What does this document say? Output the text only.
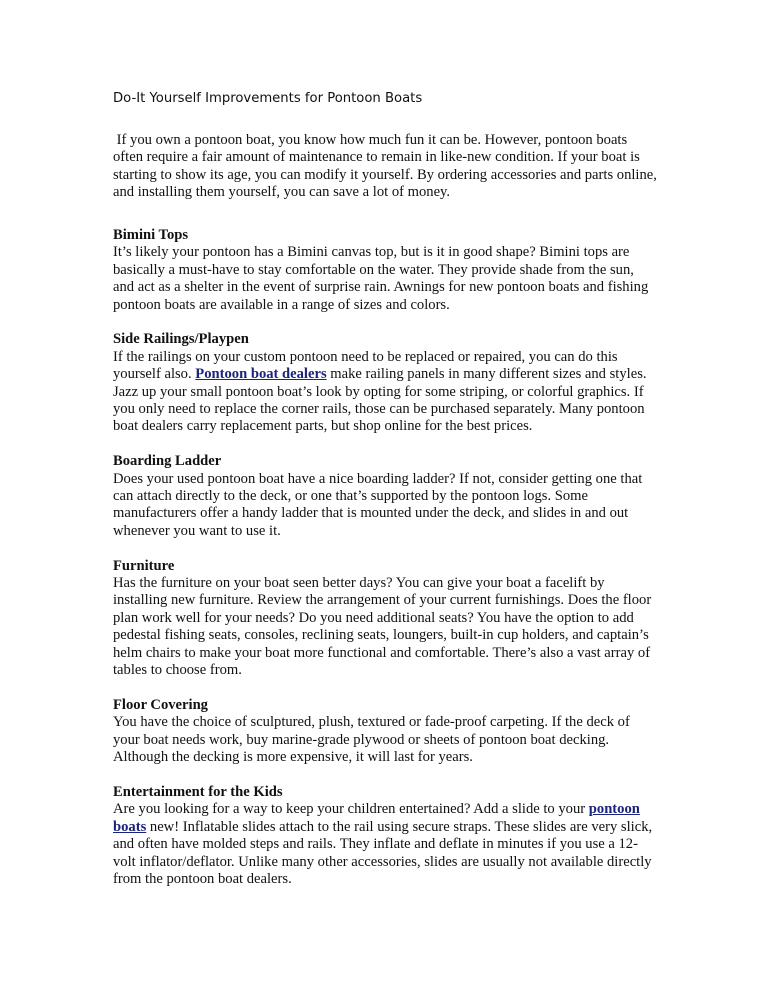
Do-It Yourself Improvements for Pontoon Boats

If you own a pontoon boat, you know how much fun it can be. However, pontoon boats often require a fair amount of maintenance to remain in like-new condition. If your boat is starting to show its age, you can modify it yourself. By ordering accessories and parts online, and installing them yourself, you can save a lot of money.

Bimini Tops

It’s likely your pontoon has a Bimini canvas top, but is it in good shape? Bimini tops are basically a must-have to stay comfortable on the water. They provide shade from the sun, and act as a shelter in the event of surprise rain. Awnings for new pontoon boats and fishing pontoon boats are available in a range of sizes and colors.

Side Railings/Playpen

If the railings on your custom pontoon need to be replaced or repaired, you can do this yourself also. Pontoon boat dealers make railing panels in many different sizes and styles. Jazz up your small pontoon boat’s look by opting for some striping, or colorful graphics. If you only need to replace the corner rails, those can be purchased separately. Many pontoon boat dealers carry replacement parts, but shop online for the best prices.

Boarding Ladder

Does your used pontoon boat have a nice boarding ladder? If not, consider getting one that can attach directly to the deck, or one that’s supported by the pontoon logs. Some manufacturers offer a handy ladder that is mounted under the deck, and slides in and out whenever you want to use it.

Furniture

Has the furniture on your boat seen better days? You can give your boat a facelift by installing new furniture. Review the arrangement of your current furnishings. Does the floor plan work well for your needs? Do you need additional seats? You have the option to add pedestal fishing seats, consoles, reclining seats, loungers, built-in cup holders, and captain’s helm chairs to make your boat more functional and comfortable. There’s also a vast array of tables to choose from.

Floor Covering

You have the choice of sculptured, plush, textured or fade-proof carpeting. If the deck of your boat needs work, buy marine-grade plywood or sheets of pontoon boat decking. Although the decking is more expensive, it will last for years.

Entertainment for the Kids

Are you looking for a way to keep your children entertained? Add a slide to your pontoon boats new! Inflatable slides attach to the rail using secure straps. These slides are very slick, and often have molded steps and rails. They inflate and deflate in minutes if you use a 12-volt inflator/deflator. Unlike many other accessories, slides are usually not available directly from the pontoon boat dealers.
